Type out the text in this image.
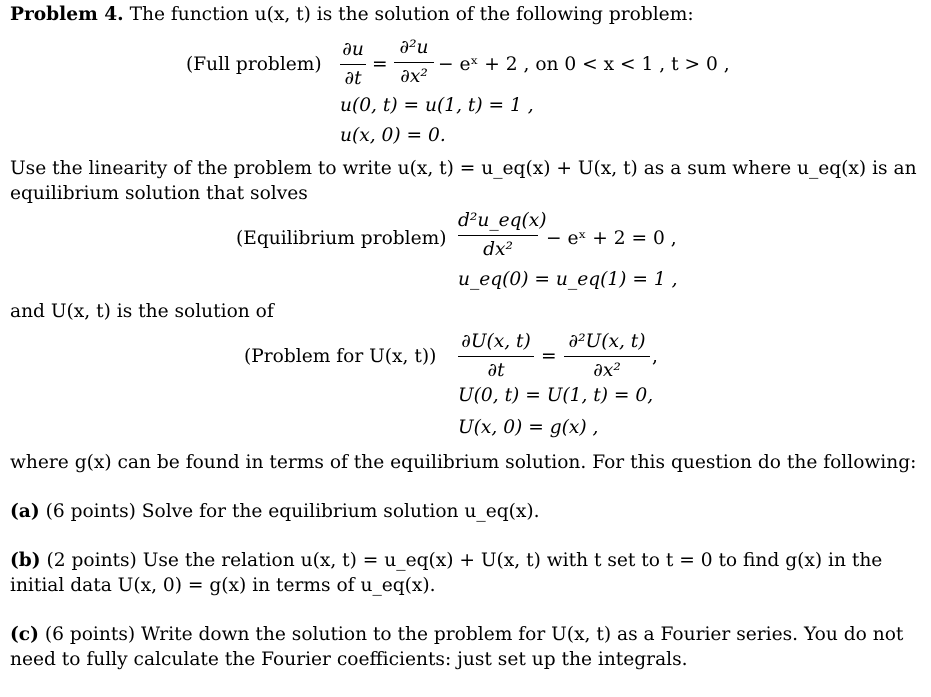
Problem 4. The function u(x, t) is the solution of the following problem:
(Full problem)
∂u
∂t
=
∂²u
∂x²
− eˣ + 2 , on 0 < x < 1 , t > 0 ,
u(0, t) = u(1, t) = 1 ,
u(x, 0) = 0.
Use the linearity of the problem to write u(x, t) = u_eq(x) + U(x, t) as a sum where u_eq(x) is an
equilibrium solution that solves
(Equilibrium problem)
d²u_eq(x)
dx²
− eˣ + 2 = 0 ,
u_eq(0) = u_eq(1) = 1 ,
and U(x, t) is the solution of
(Problem for U(x, t))
∂U(x, t)
∂t
=
∂²U(x, t)
∂x²
,
U(0, t) = U(1, t) = 0,
U(x, 0) = g(x) ,
where g(x) can be found in terms of the equilibrium solution. For this question do the following:
(a) (6 points) Solve for the equilibrium solution u_eq(x).
(b) (2 points) Use the relation u(x, t) = u_eq(x) + U(x, t) with t set to t = 0 to find g(x) in the
initial data U(x, 0) = g(x) in terms of u_eq(x).
(c) (6 points) Write down the solution to the problem for U(x, t) as a Fourier series. You do not
need to fully calculate the Fourier coefficients: just set up the integrals.
